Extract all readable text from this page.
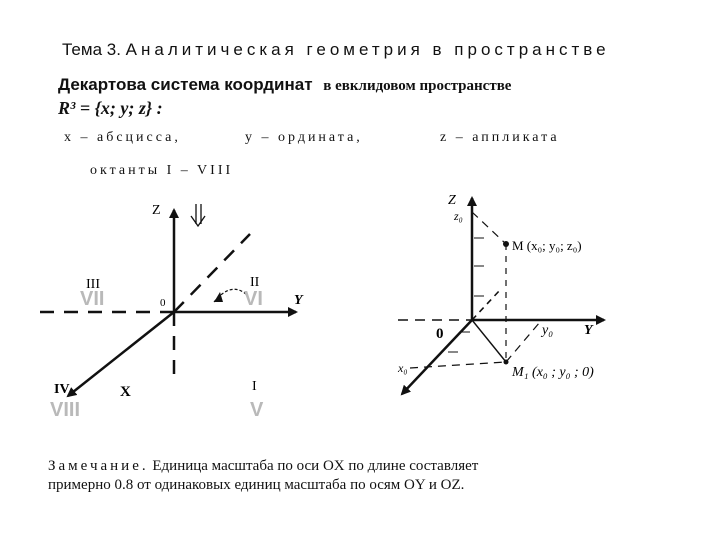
Тема 3. Аналитическая геометрия в пространстве
Декартова система координат в евклидовом пространстве
R³ = {x; y; z} :
x – абсцисса,	y – ордината,	z – аппликата
октанты I – VIII
Z
Y
X
0
II
III
IV	I
VI
VII
VIII	V
Z
z₀
Y
y₀
x₀
0
M (x₀; y₀; z₀)
M₁ (x₀ ; y₀ ; 0)
Замечание. Единица масштаба по оси OX по длине составляет
примерно 0.8 от одинаковых единиц масштаба по осям OY и OZ.
